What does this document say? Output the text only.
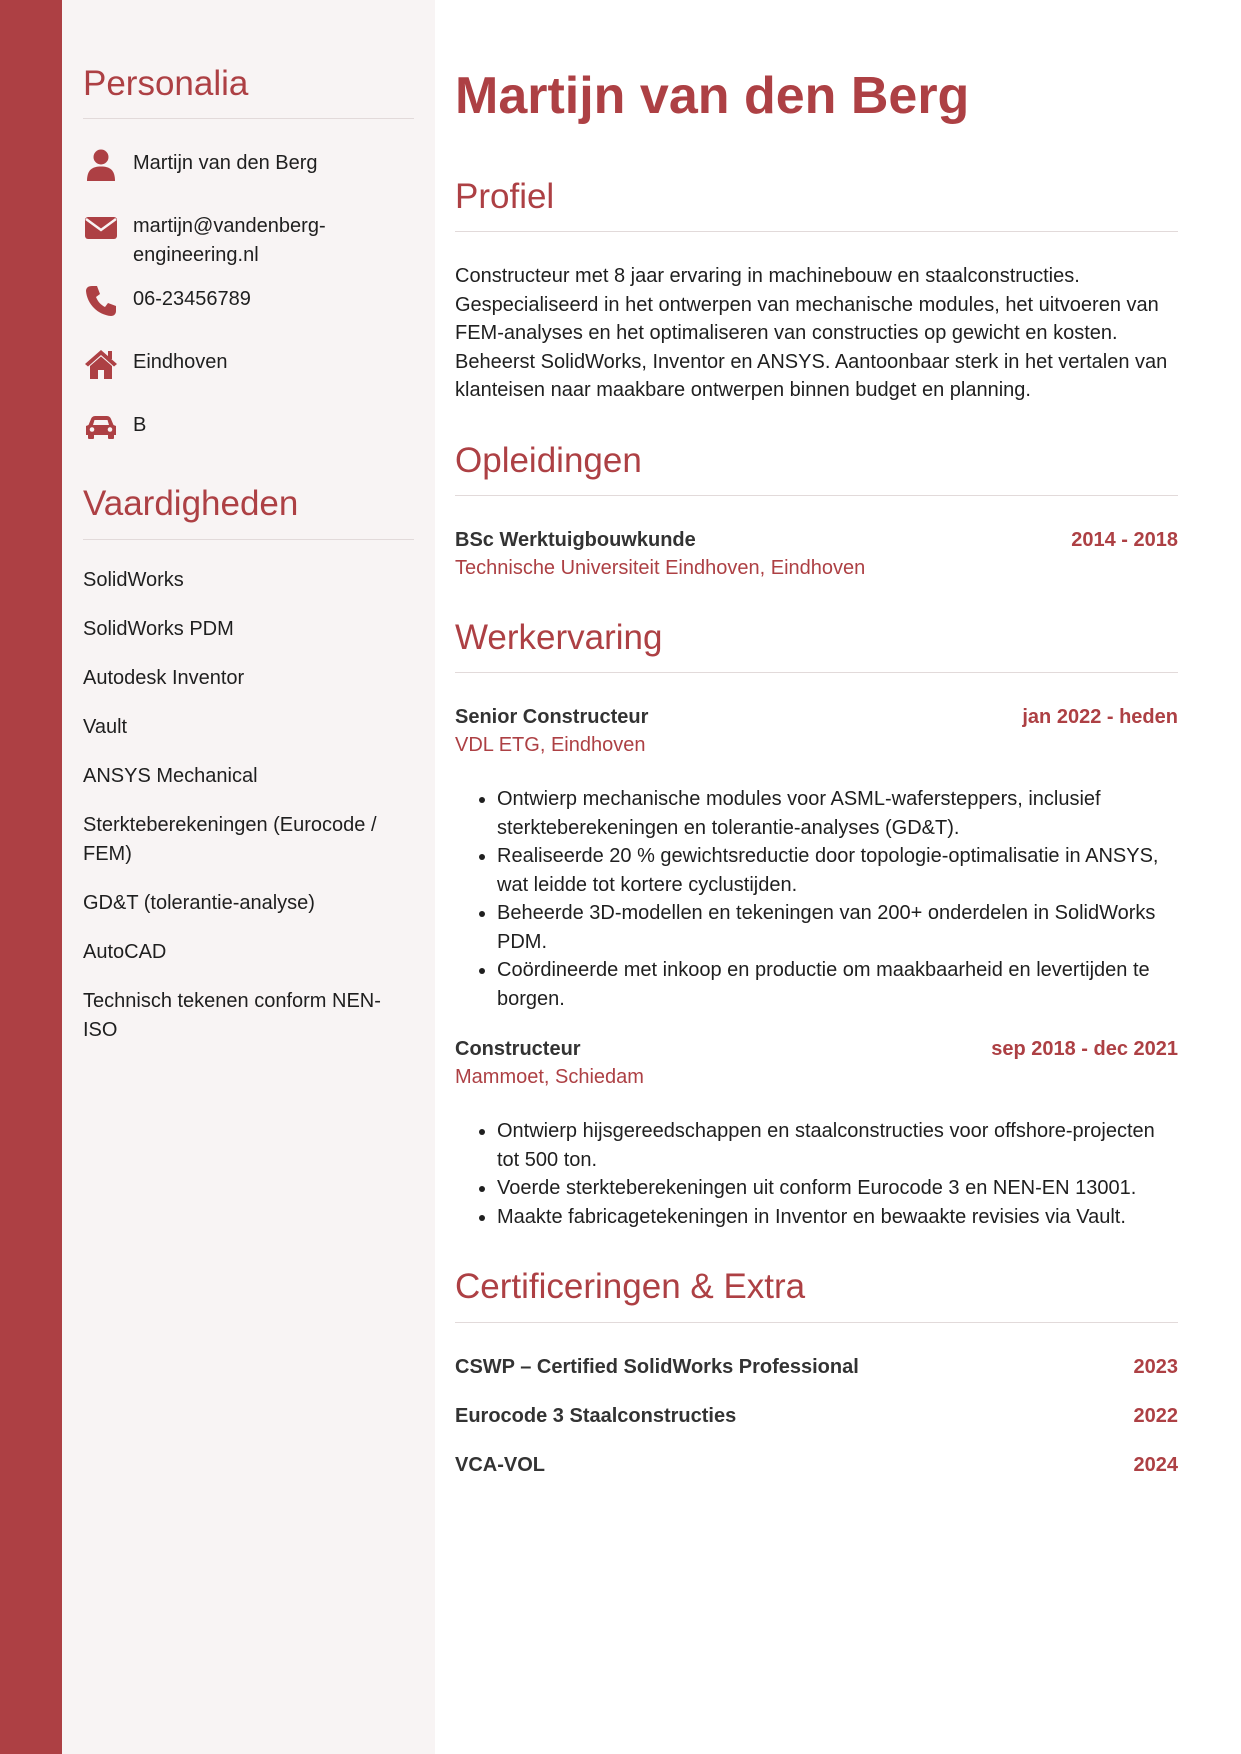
Personalia
Martijn van den Berg
martijn@vandenberg-engineering.nl
06-23456789
Eindhoven
B
Vaardigheden
SolidWorks
SolidWorks PDM
Autodesk Inventor
Vault
ANSYS Mechanical
Sterkteberekeningen (Eurocode / FEM)
GD&T (tolerantie-analyse)
AutoCAD
Technisch tekenen conform NEN-ISO
Martijn van den Berg
Profiel

Constructeur met 8 jaar ervaring in machinebouw en staalconstructies. Gespecialiseerd in het ontwerpen van mechanische modules, het uitvoeren van FEM-analyses en het optimaliseren van constructies op gewicht en kosten. Beheerst SolidWorks, Inventor en ANSYS. Aantoonbaar sterk in het vertalen van klanteisen naar maakbare ontwerpen binnen budget en planning.

Opleidingen
BSc Werktuigbouwkunde	2014 - 2018
Technische Universiteit Eindhoven, Eindhoven
Werkervaring
Senior Constructeur	jan 2022 - heden
VDL ETG, Eindhoven
• Ontwierp mechanische modules voor ASML-wafersteppers, inclusief sterkteberekeningen en tolerantie-analyses (GD&T).
• Realiseerde 20 % gewichtsreductie door topologie-optimalisatie in ANSYS, wat leidde tot kortere cyclustijden.
• Beheerde 3D-modellen en tekeningen van 200+ onderdelen in SolidWorks PDM.
• Coördineerde met inkoop en productie om maakbaarheid en levertijden te borgen.
Constructeur	sep 2018 - dec 2021
Mammoet, Schiedam
• Ontwierp hijsgereedschappen en staalconstructies voor offshore-projecten tot 500 ton.
• Voerde sterkteberekeningen uit conform Eurocode 3 en NEN-EN 13001.
• Maakte fabricagetekeningen in Inventor en bewaakte revisies via Vault.
Certificeringen & Extra
CSWP – Certified SolidWorks Professional	2023
Eurocode 3 Staalconstructies	2022
VCA-VOL	2024
